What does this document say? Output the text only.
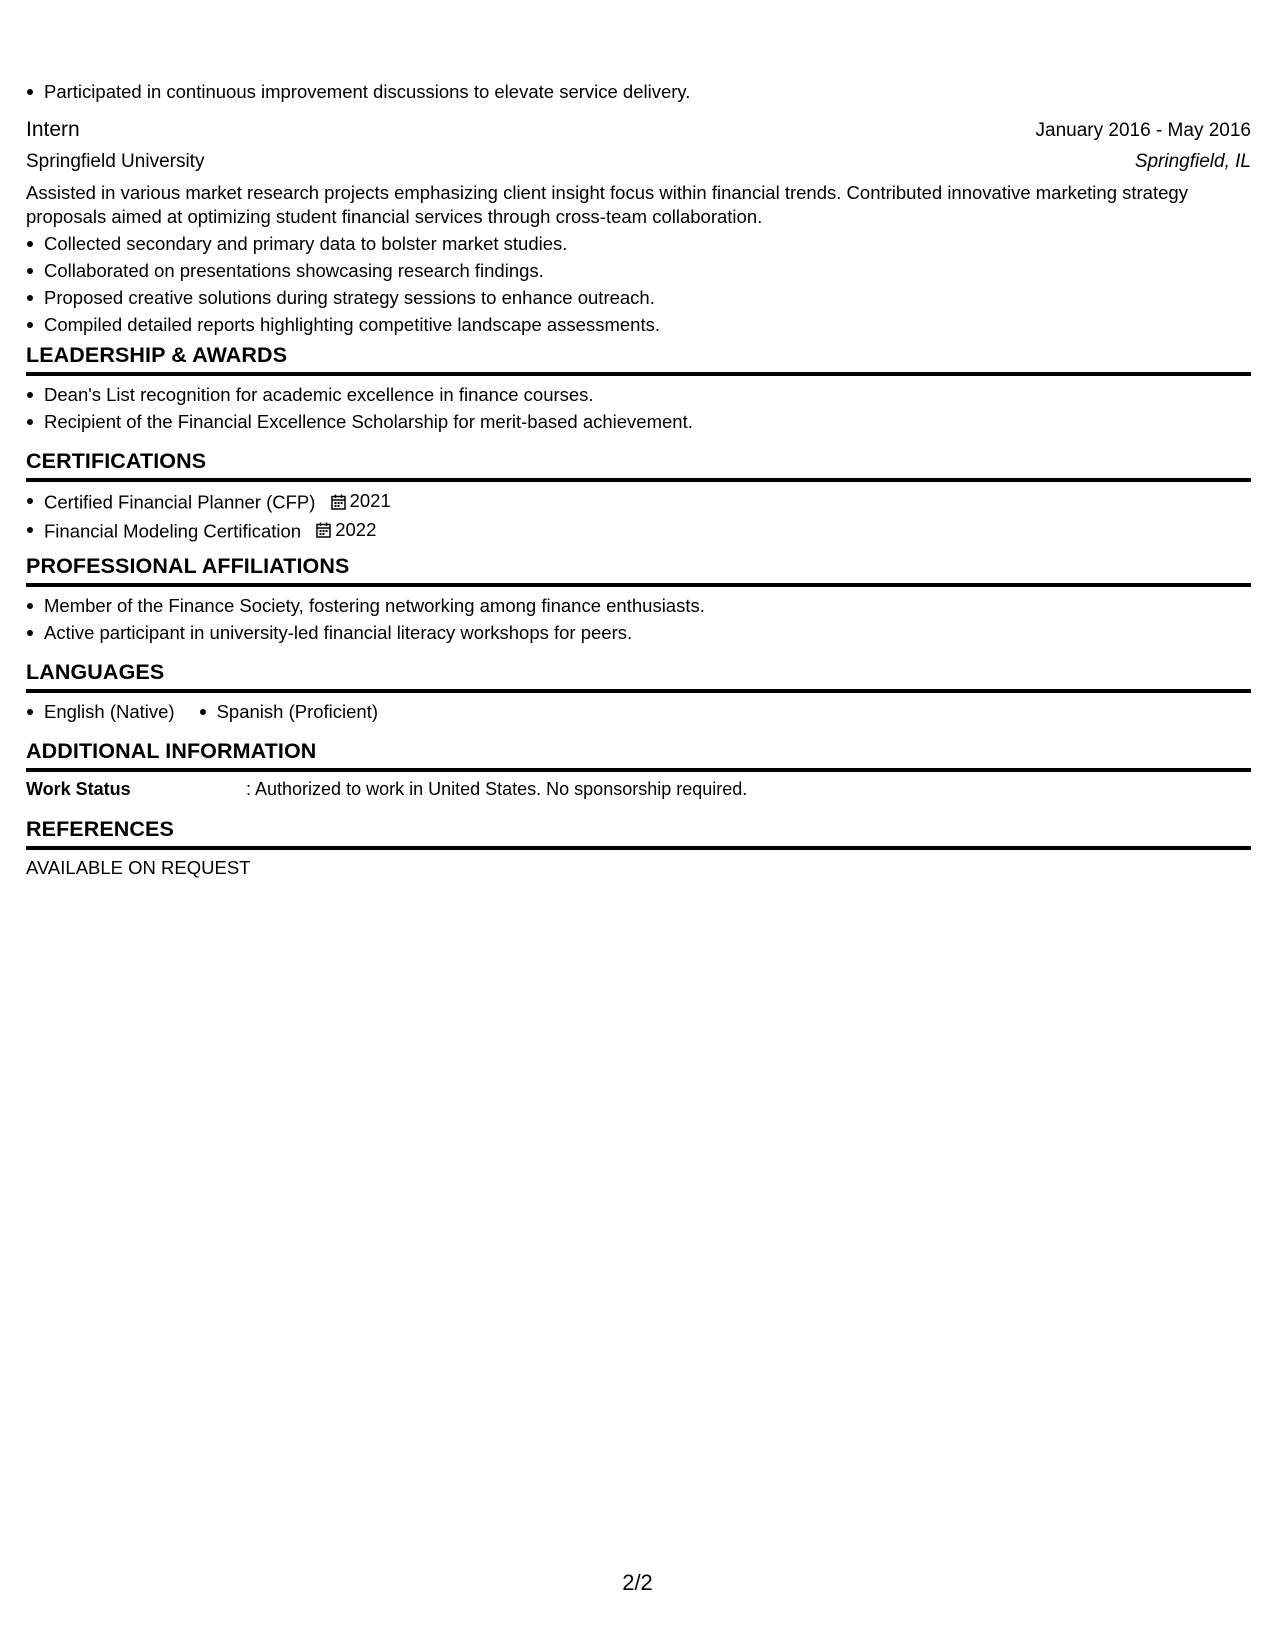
Participated in continuous improvement discussions to elevate service delivery.
Intern	January 2016 - May 2016
Springfield University	Springfield, IL
Assisted in various market research projects emphasizing client insight focus within financial trends. Contributed innovative marketing strategy proposals aimed at optimizing student financial services through cross-team collaboration.
Collected secondary and primary data to bolster market studies.
Collaborated on presentations showcasing research findings.
Proposed creative solutions during strategy sessions to enhance outreach.
Compiled detailed reports highlighting competitive landscape assessments.
LEADERSHIP & AWARDS
Dean's List recognition for academic excellence in finance courses.
Recipient of the Financial Excellence Scholarship for merit-based achievement.
CERTIFICATIONS
Certified Financial Planner (CFP) 2021
Financial Modeling Certification 2022
PROFESSIONAL AFFILIATIONS
Member of the Finance Society, fostering networking among finance enthusiasts.
Active participant in university-led financial literacy workshops for peers.
LANGUAGES
English (Native)	Spanish (Proficient)
ADDITIONAL INFORMATION
Work Status	: Authorized to work in United States. No sponsorship required.
REFERENCES
AVAILABLE ON REQUEST
2/2
